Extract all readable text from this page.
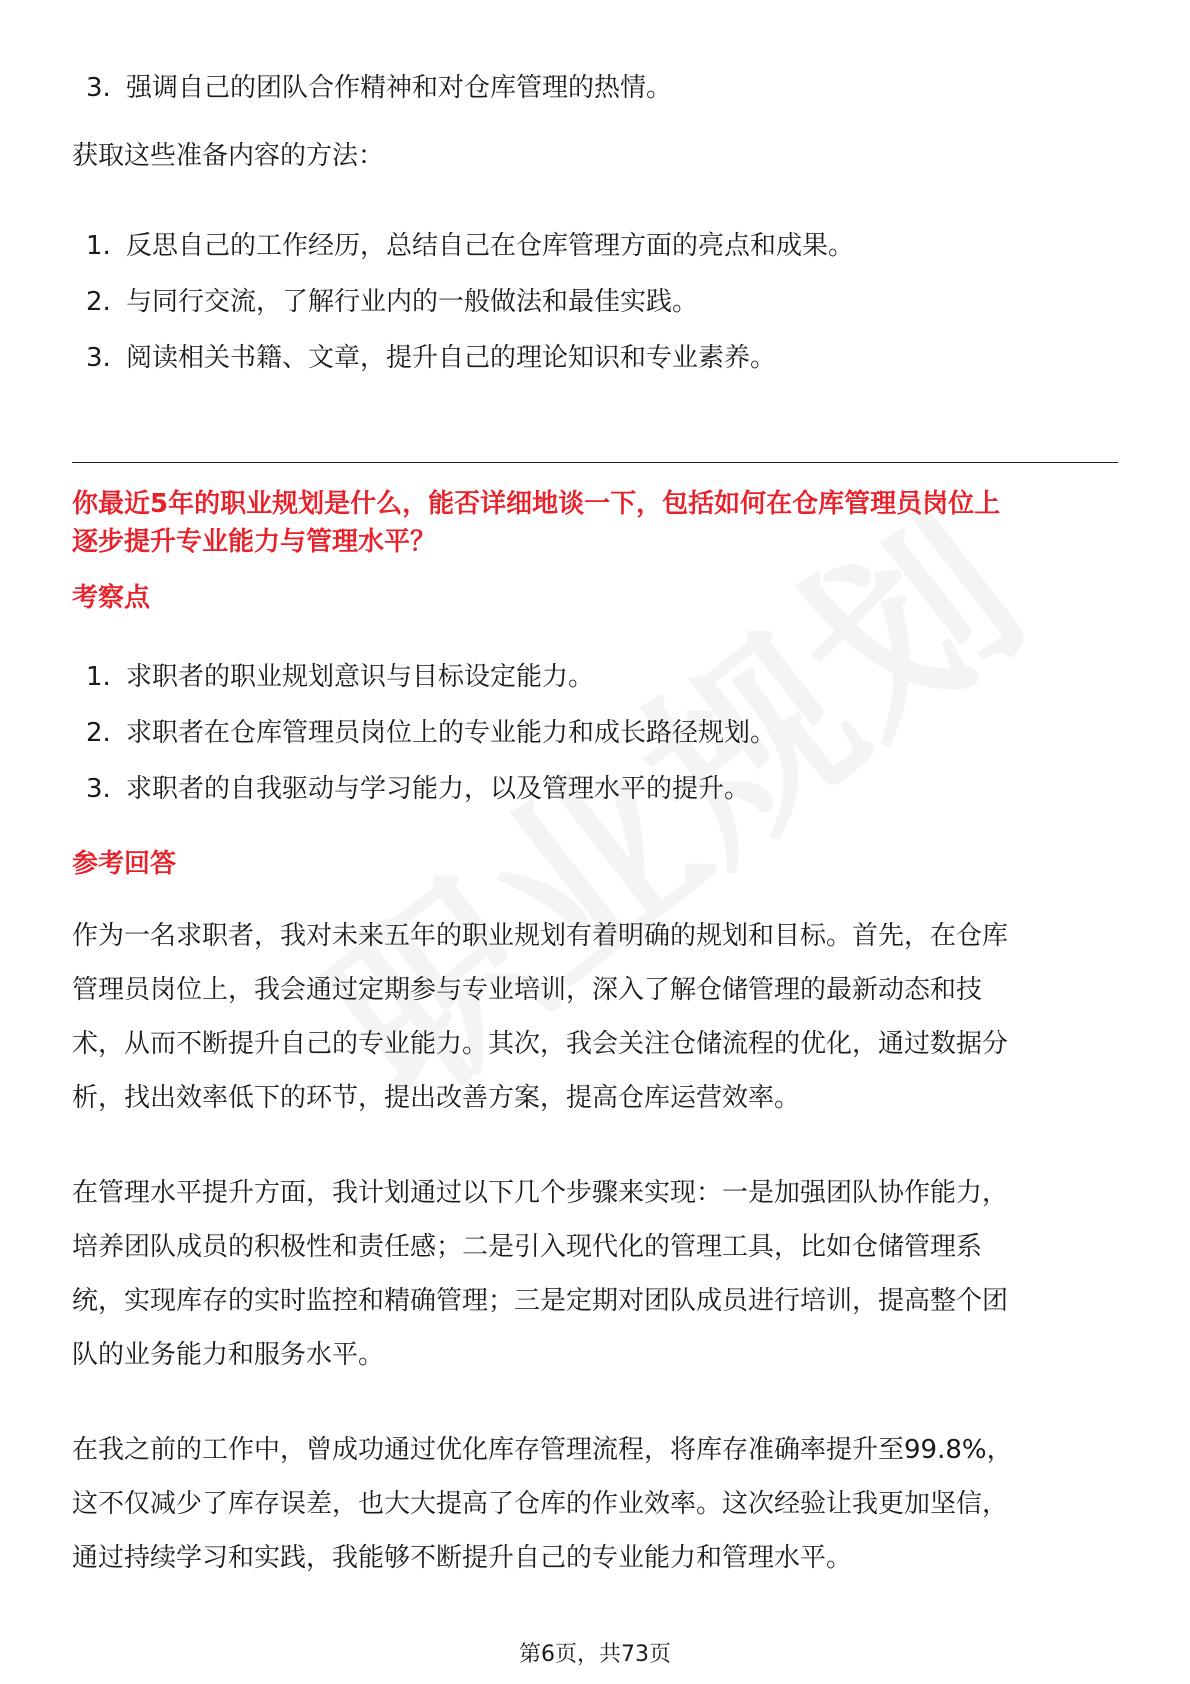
3. 强调自己的团队合作精神和对仓库管理的热情。

获取这些准备内容的方法：

1. 反思自己的工作经历，总结自己在仓库管理方面的亮点和成果。
2. 与同行交流，了解行业内的一般做法和最佳实践。
3. 阅读相关书籍、文章，提升自己的理论知识和专业素养。

你最近5年的职业规划是什么，能否详细地谈一下，包括如何在仓库管理员岗位上

逐步提升专业能力与管理水平？

考察点

1. 求职者的职业规划意识与目标设定能力。
2. 求职者在仓库管理员岗位上的专业能力和成长路径规划。
3. 求职者的自我驱动与学习能力，以及管理水平的提升。

参考回答

作为一名求职者，我对未来五年的职业规划有着明确的规划和目标。首先，在仓库

管理员岗位上，我会通过定期参与专业培训，深入了解仓储管理的最新动态和技

术，从而不断提升自己的专业能力。其次，我会关注仓储流程的优化，通过数据分

析，找出效率低下的环节，提出改善方案，提高仓库运营效率。

在管理水平提升方面，我计划通过以下几个步骤来实现：一是加强团队协作能力，

培养团队成员的积极性和责任感；二是引入现代化的管理工具，比如仓储管理系

统，实现库存的实时监控和精确管理；三是定期对团队成员进行培训，提高整个团

队的业务能力和服务水平。

在我之前的工作中，曾成功通过优化库存管理流程，将库存准确率提升至99.8%，

这不仅减少了库存误差，也大大提高了仓库的作业效率。这次经验让我更加坚信，

通过持续学习和实践，我能够不断提升自己的专业能力和管理水平。

第6页，共73页
